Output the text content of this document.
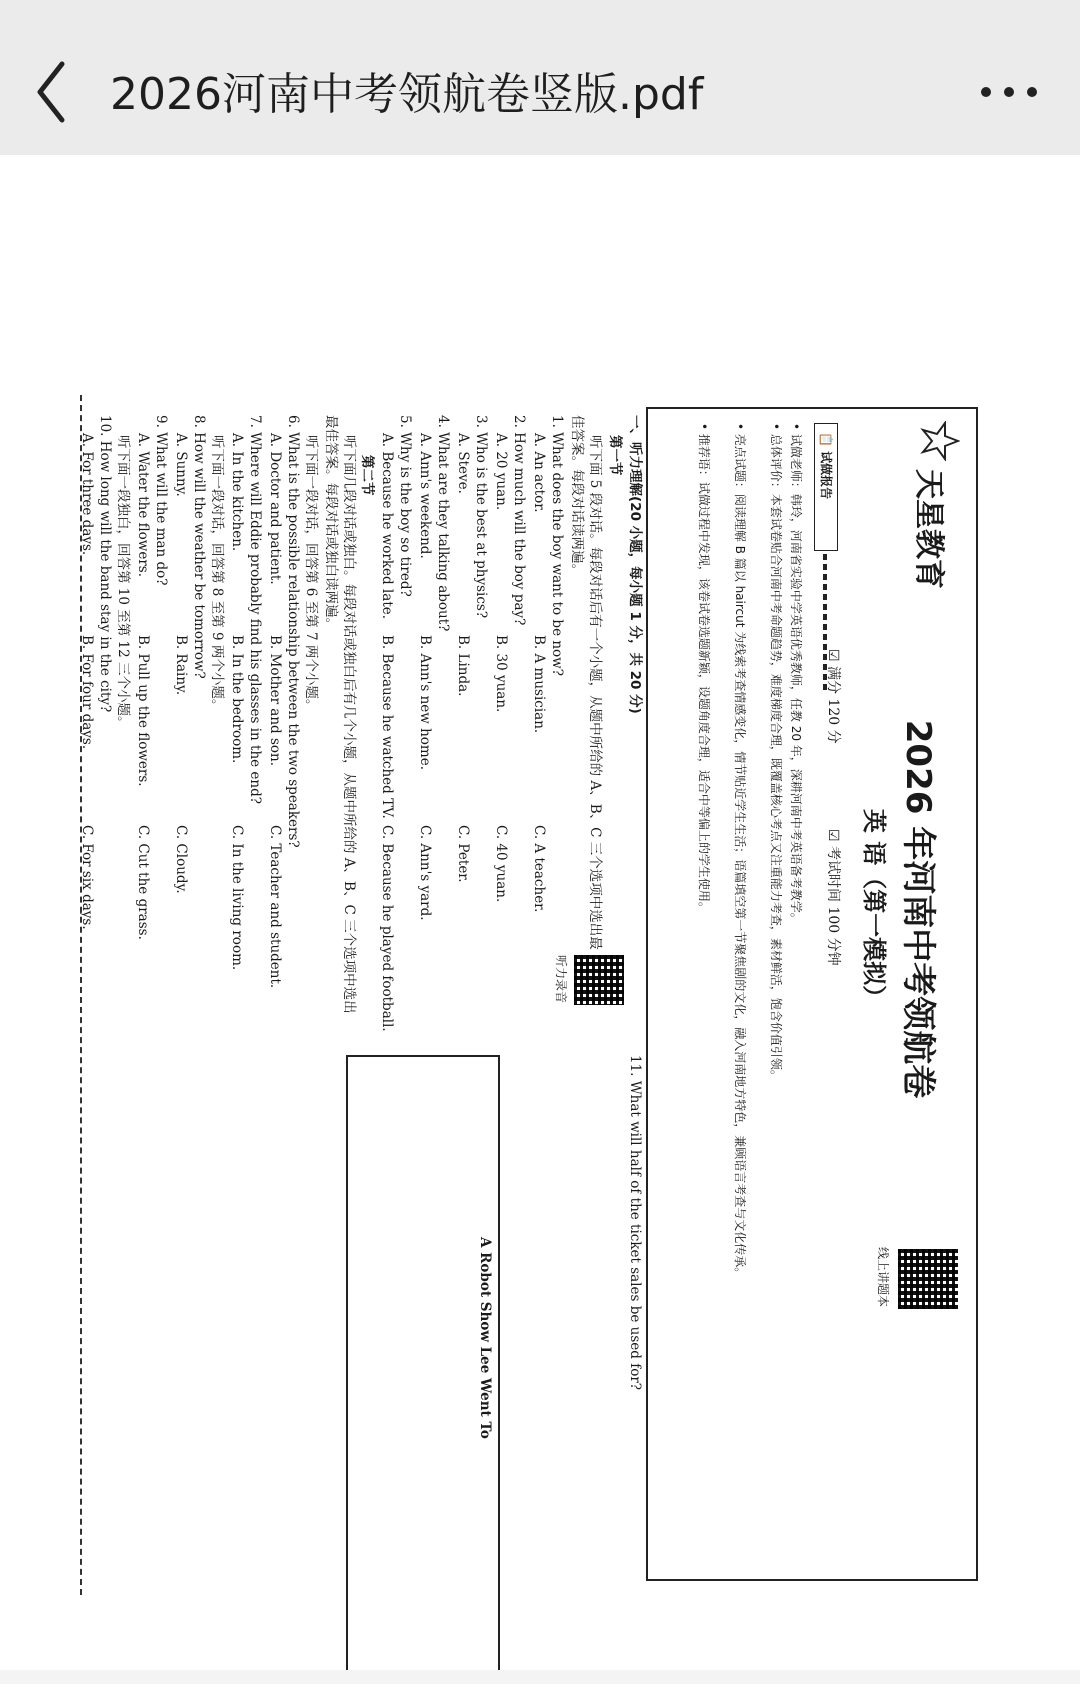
2026河南中考领航卷竖版.pdf
天星教育
2026 年河南中考领航卷
英 语（第一模拟）
☑ 满分 120 分
☑ 考试时间 100 分钟
线上讲题本
📋 试做报告
• 试做老师：韩玲，河南省实验中学英语优秀教师，任教 20 年，深耕河南中考英语备考教学。
• 总体评价：本套试卷贴合河南中考命题趋势，难度梯度合理，既覆盖核心考点又注重能力考查，素材鲜活，饱含价值引领。
• 亮点试题：阅读理解 B 篇以 haircut 为线索考查情感变化，情节贴近学生生活；语篇填空第一节聚焦剧的文化，融入河南地方特色，兼顾语言考查与文化传承。
• 推荐语：试做过程中发现，该卷试卷选题新颖，设题角度合理，适合中等偏上的学生使用。
一、听力理解(20 小题，每小题 1 分，共 20 分)
第一节
听下面 5 段对话。每段对话后有一个小题，从题中所给的 A、B、C 三个选项中选出最
佳答案。每段对话读两遍。
听力录音
1. What does the boy want to be now?
A. An actor.
B. A musician.
C. A teacher.
2. How much will the boy pay?
A. 20 yuan.
B. 30 yuan.
C. 40 yuan.
3. Who is the best at physics?
A. Steve.
B. Linda.
C. Peter.
4. What are they talking about?
A. Ann's weekend.
B. Ann's new home.
C. Ann's yard.
5. Why is the boy so tired?
A. Because he worked late.
B. Because he watched TV.
C. Because he played football.
第二节
听下面几段对话或独白。每段对话或独白后有几个小题，从题中所给的 A、B、C 三个选项中选出
最佳答案。每段对话或独白读两遍。
听下面一段对话，回答第 6 至第 7 两个小题。
6. What is the possible relationship between the two speakers?
A. Doctor and patient.
B. Mother and son.
C. Teacher and student.
7. Where will Eddie probably find his glasses in the end?
A. In the kitchen.
B. In the bedroom.
C. In the living room.
听下面一段对话，回答第 8 至第 9 两个小题。
8. How will the weather be tomorrow?
A. Sunny.
B. Rainy.
C. Cloudy.
9. What will the man do?
A. Water the flowers.
B. Pull up the flowers.
C. Cut the grass.
听下面一段独白，回答第 10 至第 12 三个小题。
10. How long will the band stay in the city?
A. For three days.
B. For four days.
C. For six days.
11. What will half of the ticket sales be used for?
A Robot Show Lee Went To
